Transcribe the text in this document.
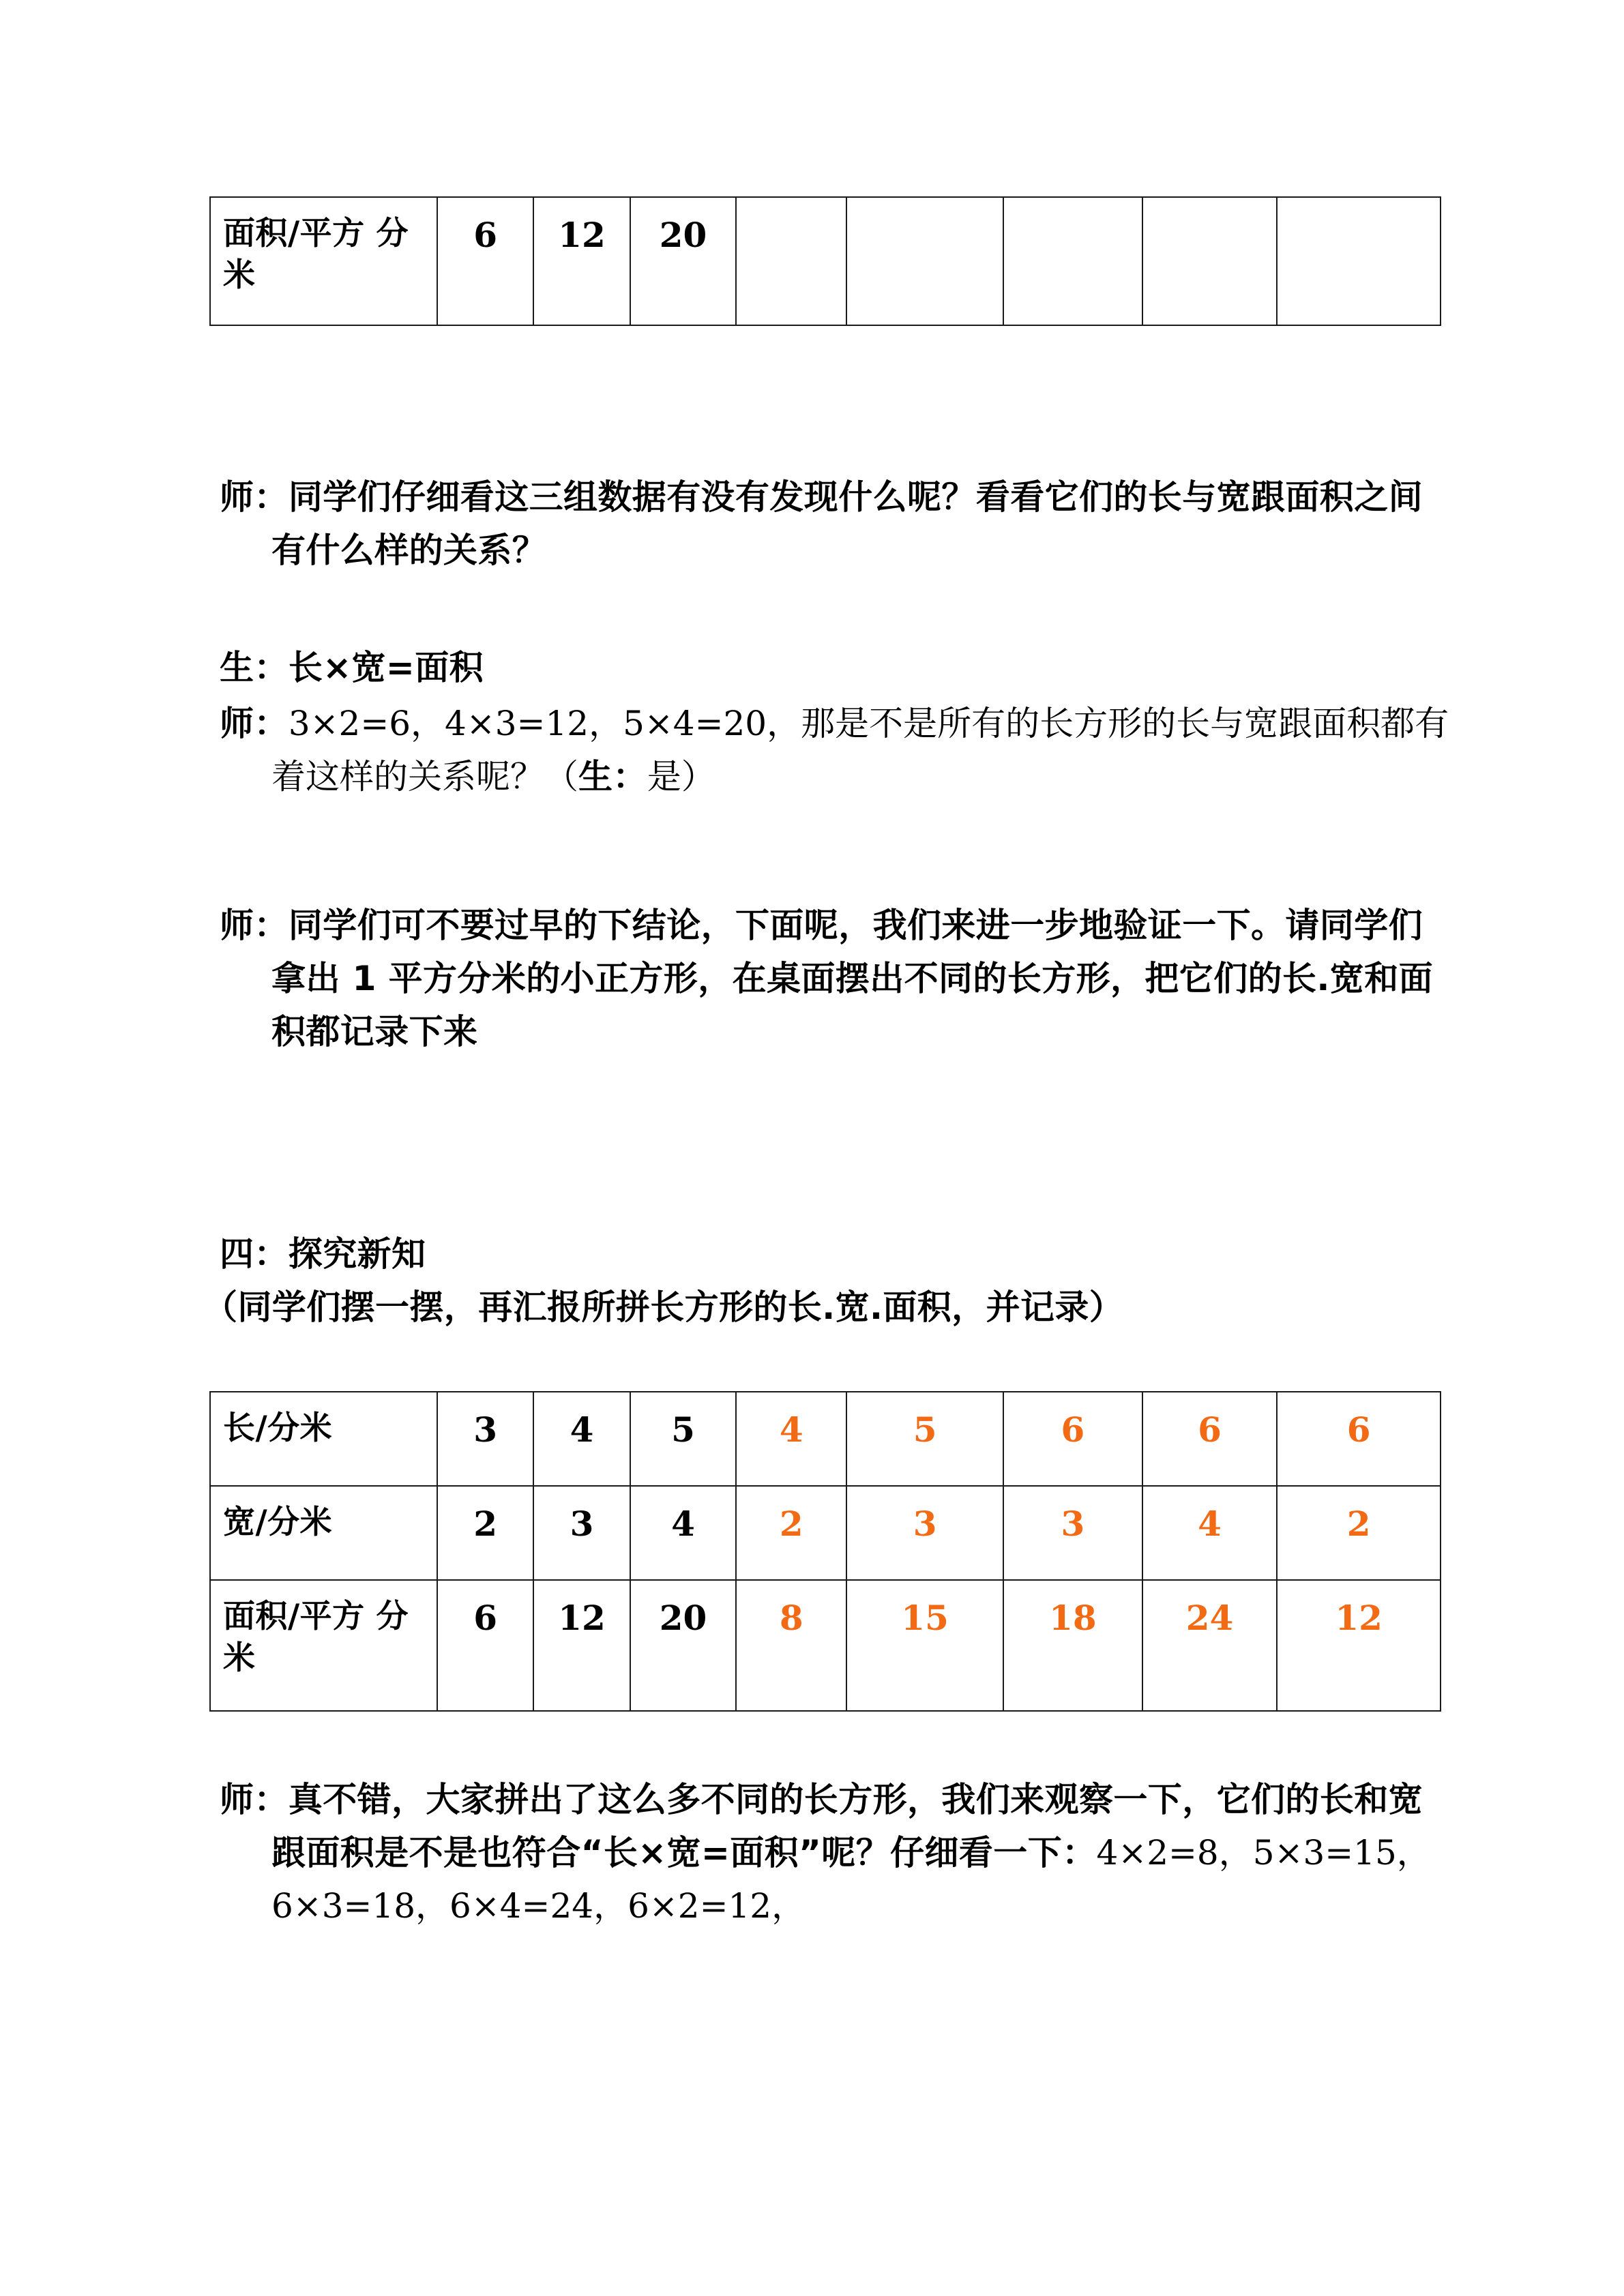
面积/平方 分米	6	12	20					
师：同学们仔细看这三组数据有没有发现什么呢？看看它们的长与宽跟面积之间有什么样的关系？
生：长×宽=面积
师：3×2=6，4×3=12，5×4=20，那是不是所有的长方形的长与宽跟面积都有着这样的关系呢？（生：是）
师：同学们可不要过早的下结论，下面呢，我们来进一步地验证一下。请同学们拿出 1 平方分米的小正方形，在桌面摆出不同的长方形，把它们的长.宽和面积都记录下来
四：探究新知
（同学们摆一摆，再汇报所拼长方形的长.宽.面积，并记录）
长/分米	3	4	5	4	5	6	6	6
宽/分米	2	3	4	2	3	3	4	2
面积/平方 分米	6	12	20	8	15	18	24	12
师：真不错，大家拼出了这么多不同的长方形，我们来观察一下，它们的长和宽跟面积是不是也符合“长×宽=面积”呢？仔细看一下：4×2=8，5×3=15，6×3=18，6×4=24，6×2=12，
